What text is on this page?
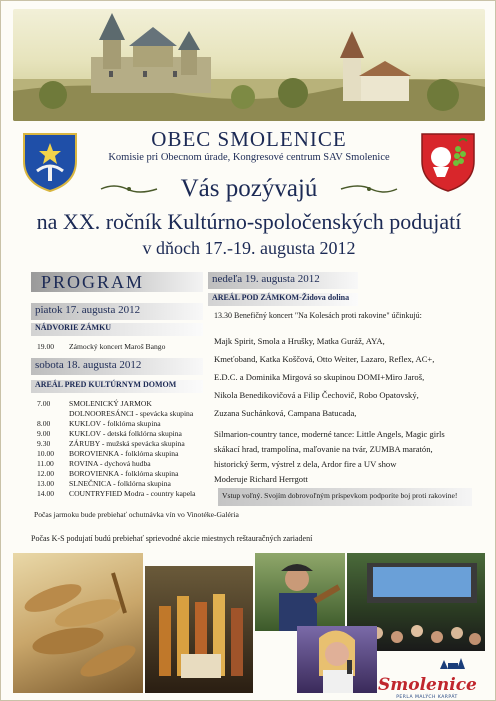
OBEC SMOLENICE
Komisie pri Obecnom úrade, Kongresové centrum SAV Smolenice
Vás pozývajú
na XX. ročník Kultúrno-spoločenských podujatí
v dňoch 17.-19. augusta 2012
PROGRAM
piatok 17. augusta 2012
NÁDVORIE ZÁMKU
19.00	Zámocký koncert Maroš Bango
sobota 18. augusta 2012
AREÁL PRED KULTÚRNYM DOMOM
7.00	SMOLENICKÝ JARMOK
DOLNOORESÁNCI - spevácka skupina
8.00	KUKLOV - folklórna skupina
9.00	KUKLOV - detská folklórna skupina
9.30	ZÁRUBY - mužská spevácka skupina
10.00	BOROVIENKA - folklórna skupina
11.00	ROVINA - dychová hudba
12.00	BOROVIENKA - folklórna skupina
13.00	SLNEČNICA - folklórna skupina
14.00	COUNTRYFIED Modra - country kapela
Počas jarmoku bude prebiehať ochutnávka vín vo Vinotéke-Galéria
nedeľa 19. augusta 2012
AREÁL POD ZÁMKOM-Židova dolina
13.30 Benefičný koncert "Na Kolesách proti rakovine" účinkujú:
Majk Spirit, Smola a Hrušky, Matka Guráž, AYA,
Kmeťoband, Katka Koščová, Otto Weiter, Lazaro, Reflex, AC+,
E.D.C. a Dominika Mirgová so skupinou DOMI+Miro Jaroš,
Nikola Benedikovičová a Filip Čechovič, Robo Opatovský,
Zuzana Suchánková, Campana Batucada,
Silmarion-country tance, moderné tance: Little Angels, Magic girls
skákací hrad, trampolína, maľovanie na tvár, ZUMBA maratón,
historický šerm, výstrel z dela, Ardor fire a UV show
Moderuje Richard Herrgott
Vstup voľný. Svojím dobrovoľným príspevkom podporíte boj proti rakovine!
Počas K-S podujatí budú prebiehať sprievodné akcie miestnych reštauračných zariadení
Smolenice
PERLA MALÝCH KARPÁT
